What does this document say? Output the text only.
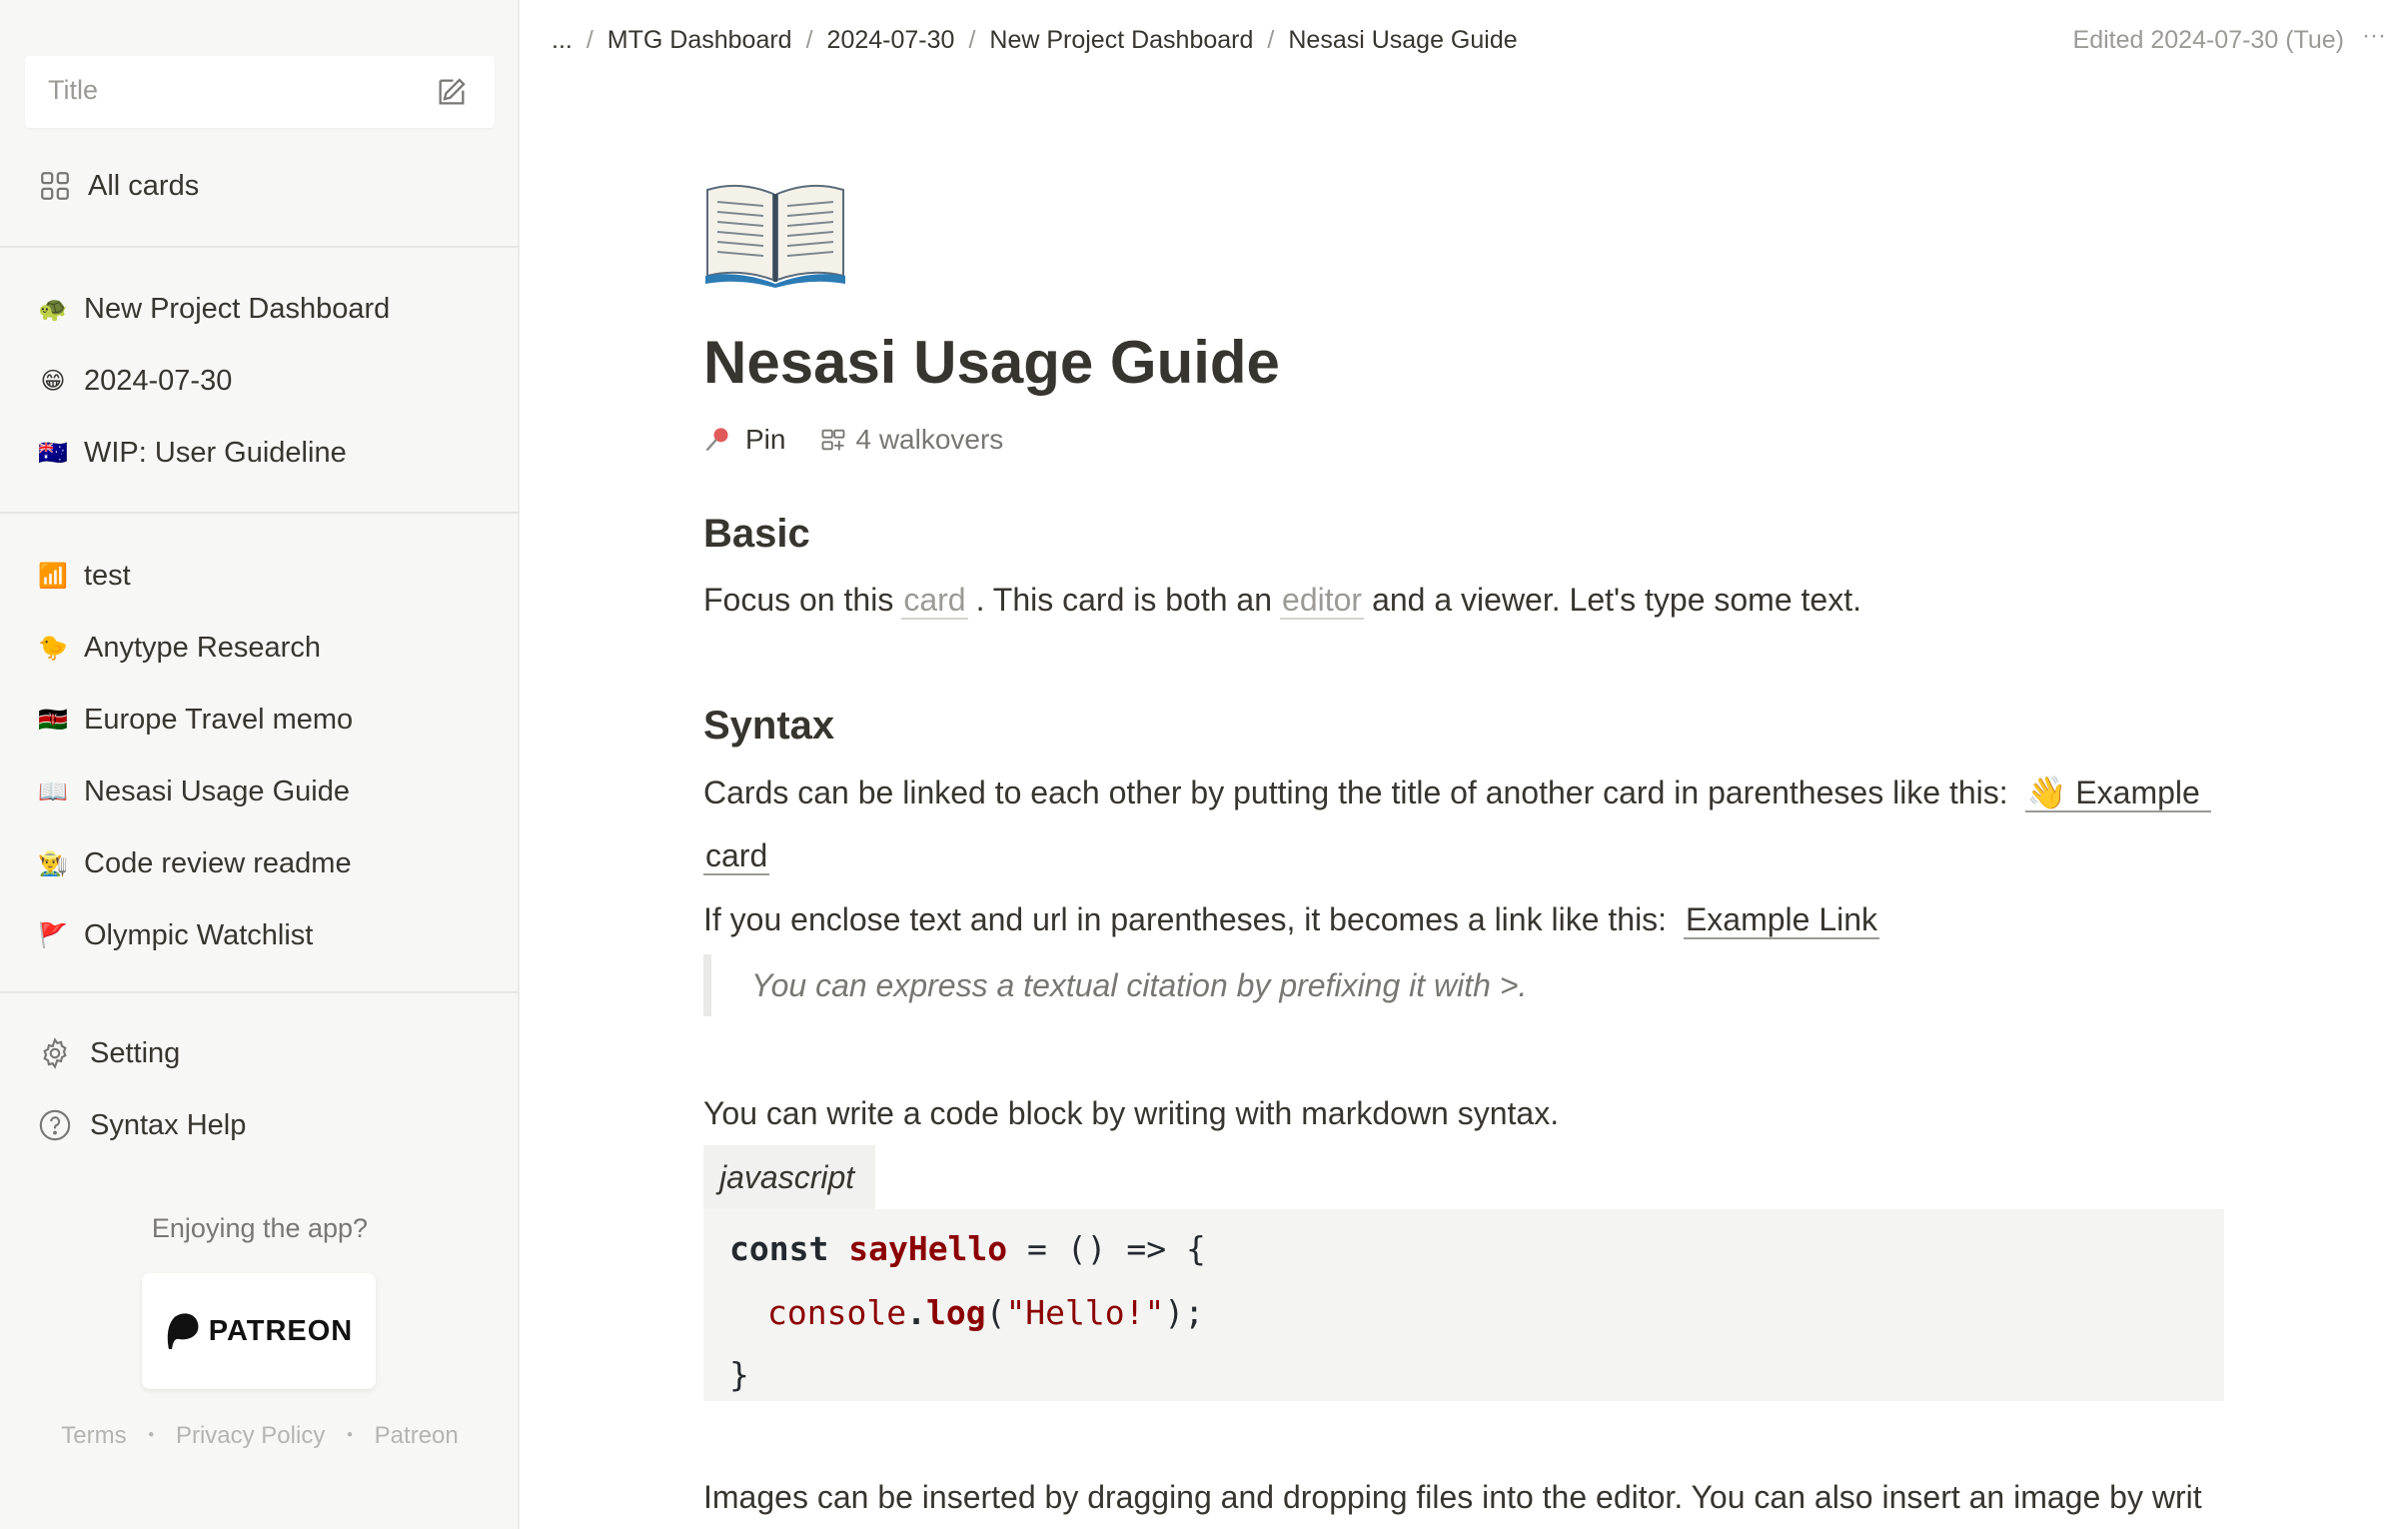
Title
All cards
🐢 New Project Dashboard
😁 2024-07-30
🇦🇺 WIP: User Guideline
📶 test
🐤 Anytype Research
🇰🇪 Europe Travel memo
📖 Nesasi Usage Guide
👨‍🌾 Code review readme
🚩 Olympic Watchlist
Setting
Syntax Help
Enjoying the app?
PATREON
Terms ・ Privacy Policy ・ Patreon
... / MTG Dashboard / 2024-07-30 / New Project Dashboard / Nesasi Usage Guide	Edited 2024-07-30 (Tue) ···
Nesasi Usage Guide
Pin	4 walkovers
Basic
Focus on this card . This card is both an editor and a viewer. Let's type some text.
Syntax
Cards can be linked to each other by putting the title of another card in parentheses like this: 👋 Example
card
If you enclose text and url in parentheses, it becomes a link like this: Example Link
You can express a textual citation by prefixing it with >.
You can write a code block by writing with markdown syntax.
javascript
const sayHello = () => {
console.log("Hello!");
}
Images can be inserted by dragging and dropping files into the editor. You can also insert an image by writ
